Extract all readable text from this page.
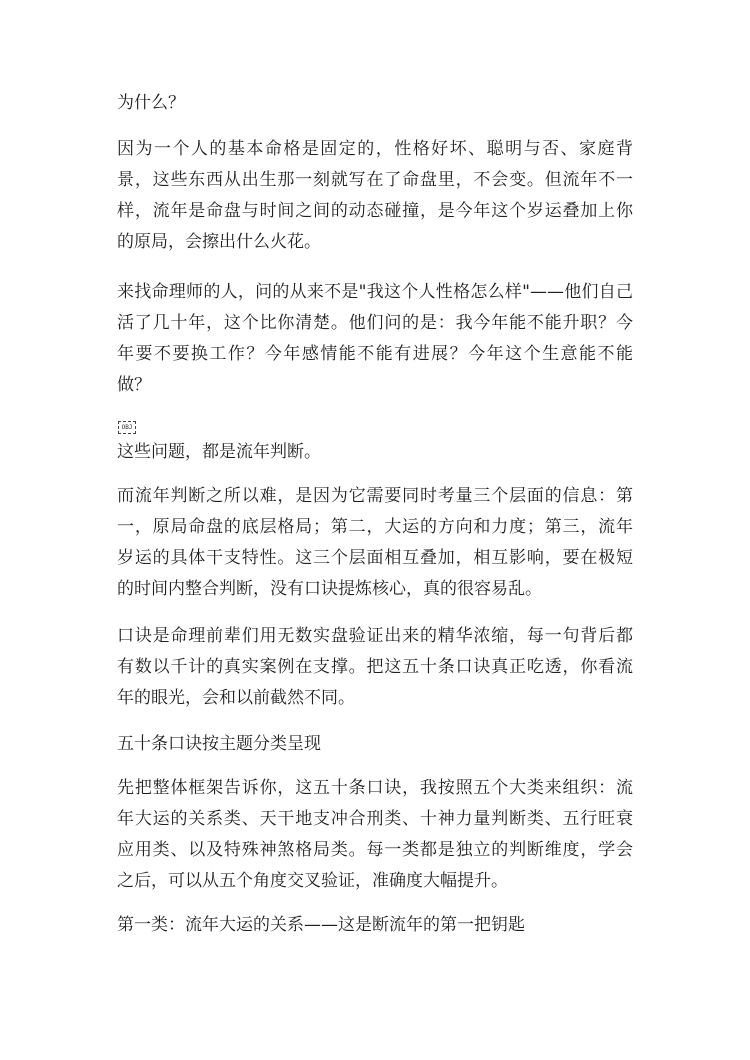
为什么？
因为一个人的基本命格是固定的，性格好坏、聪明与否、家庭背
景，这些东西从出生那一刻就写在了命盘里，不会变。但流年不一
样，流年是命盘与时间之间的动态碰撞，是今年这个岁运叠加上你
的原局，会擦出什么火花。
来找命理师的人，问的从来不是"我这个人性格怎么样"——他们自己
活了几十年，这个比你清楚。他们问的是：我今年能不能升职？今
年要不要换工作？今年感情能不能有进展？今年这个生意能不能
做？
OBJ
这些问题，都是流年判断。
而流年判断之所以难，是因为它需要同时考量三个层面的信息：第
一，原局命盘的底层格局；第二，大运的方向和力度；第三，流年
岁运的具体干支特性。这三个层面相互叠加，相互影响，要在极短
的时间内整合判断，没有口诀提炼核心，真的很容易乱。
口诀是命理前辈们用无数实盘验证出来的精华浓缩，每一句背后都
有数以千计的真实案例在支撑。把这五十条口诀真正吃透，你看流
年的眼光，会和以前截然不同。
五十条口诀按主题分类呈现
先把整体框架告诉你，这五十条口诀，我按照五个大类来组织：流
年大运的关系类、天干地支冲合刑类、十神力量判断类、五行旺衰
应用类、以及特殊神煞格局类。每一类都是独立的判断维度，学会
之后，可以从五个角度交叉验证，准确度大幅提升。
第一类：流年大运的关系——这是断流年的第一把钥匙
